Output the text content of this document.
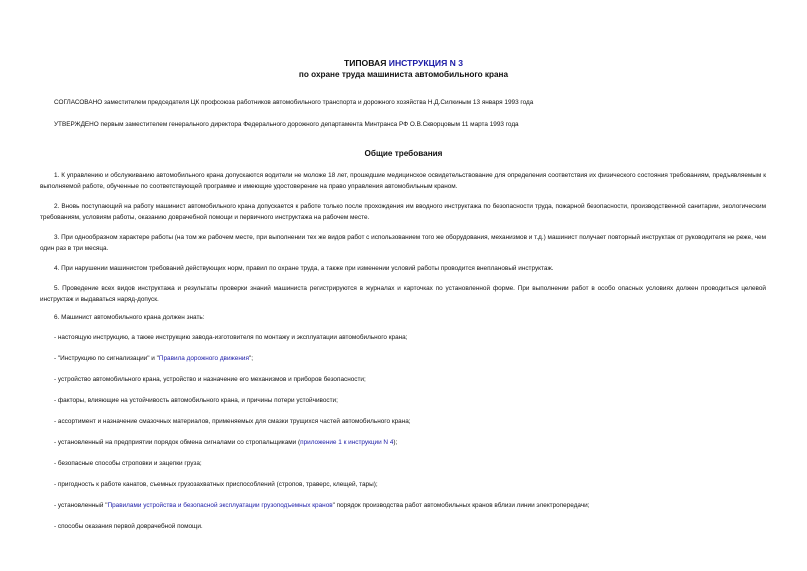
ТИПОВАЯ ИНСТРУКЦИЯ N 3
по охране труда машиниста автомобильного крана
СОГЛАСОВАНО заместителем председателя ЦК профсоюза работников автомобильного транспорта и дорожного хозяйства Н.Д.Силкиным 13 января 1993 года
УТВЕРЖДЕНО первым заместителем генерального директора Федерального дорожного департамента Минтранса РФ О.В.Скворцовым 11 марта 1993 года
Общие требования
1. К управлению и обслуживанию автомобильного крана допускаются водители не моложе 18 лет, прошедшие медицинское освидетельствование для определения соответствия их физического состояния требованиям, предъявляемым к выполняемой работе, обученные по соответствующей программе и имеющие удостоверение на право управления автомобильным краном.
2. Вновь поступающий на работу машинист автомобильного крана допускается к работе только после прохождения им вводного инструктажа по безопасности труда, пожарной безопасности, производственной санитарии, экологическим требованиям, условиям работы, оказанию доврачебной помощи и первичного инструктажа на рабочем месте.
3. При однообразном характере работы (на том же рабочем месте, при выполнении тех же видов работ с использованием того же оборудования, механизмов и т.д.) машинист получает повторный инструктаж от руководителя не реже, чем один раз в три месяца.
4. При нарушении машинистом требований действующих норм, правил по охране труда, а также при изменении условий работы проводится внеплановый инструктаж.
5. Проведение всех видов инструктажа и результаты проверки знаний машиниста регистрируются в журналах и карточках по установленной форме. При выполнении работ в особо опасных условиях должен проводиться целевой инструктаж и выдаваться наряд-допуск.
6. Машинист автомобильного крана должен знать:
- настоящую инструкцию, а также инструкцию завода-изготовителя по монтажу и эксплуатации автомобильного крана;
- "Инструкцию по сигнализации" и "Правила дорожного движения";
- устройство автомобильного крана, устройство и назначение его механизмов и приборов безопасности;
- факторы, влияющие на устойчивость автомобильного крана, и причины потери устойчивости;
- ассортимент и назначение смазочных материалов, применяемых для смазки трущихся частей автомобильного крана;
- установленный на предприятии порядок обмена сигналами со стропальщиками (приложение 1 к инструкции N 4);
- безопасные способы строповки и зацепки груза;
- пригодность к работе канатов, съемных грузозахватных приспособлений (стропов, траверс, клещей, тары);
- установленный "Правилами устройства и безопасной эксплуатации грузоподъемных кранов" порядок производства работ автомобильных кранов вблизи линии электропередачи;
- способы оказания первой доврачебной помощи.
